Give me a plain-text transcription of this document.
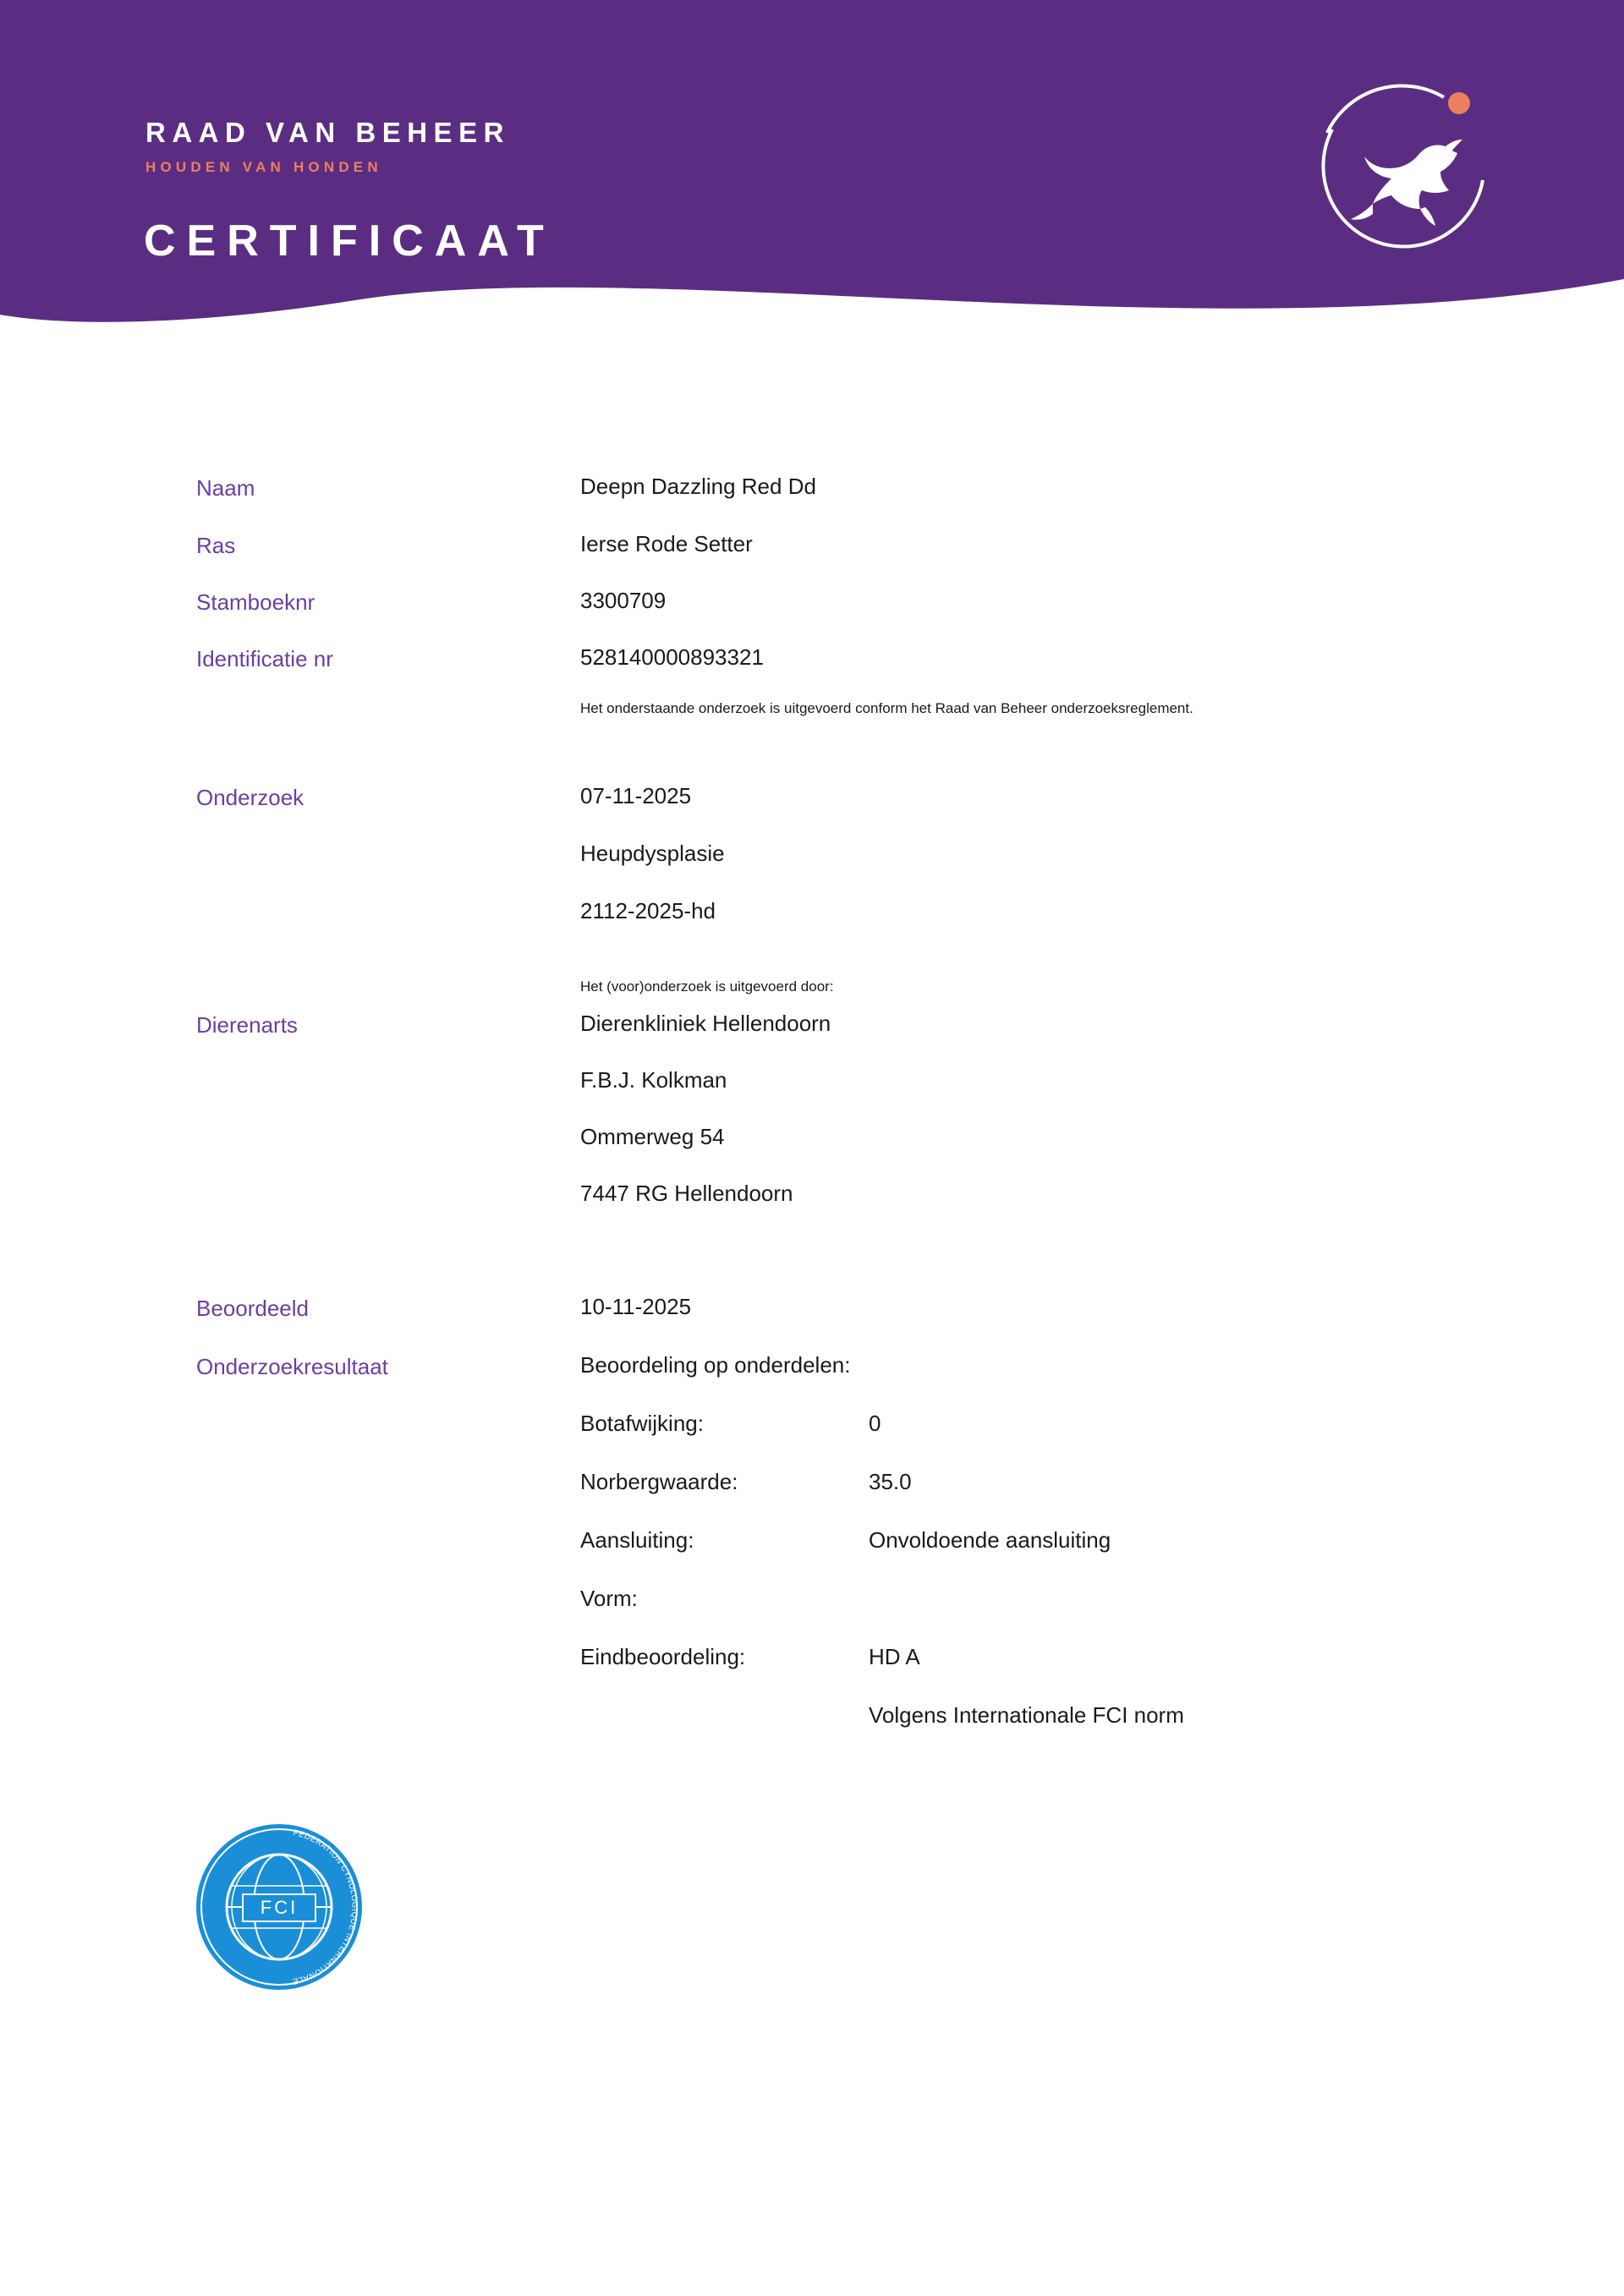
RAAD VAN BEHEER
HOUDEN VAN HONDEN
CERTIFICAAT
Naam	Deepn Dazzling Red Dd
Ras	Ierse Rode Setter
Stamboeknr	3300709
Identificatie nr	528140000893321
Het onderstaande onderzoek is uitgevoerd conform het Raad van Beheer onderzoeksreglement.
Onderzoek	07-11-2025
Heupdysplasie
2112-2025-hd
Het (voor)onderzoek is uitgevoerd door:
Dierenarts	Dierenkliniek Hellendoorn
F.B.J. Kolkman
Ommerweg 54
7447 RG Hellendoorn
Beoordeeld	10-11-2025
Onderzoekresultaat	Beoordeling op onderdelen:
Botafwijking:	0
Norbergwaarde:	35.0
Aansluiting:	Onvoldoende aansluiting
Vorm:
Eindbeoordeling:	HD A
Volgens Internationale FCI norm
FCI
FEDERATION CYNOLOGIQUE INTERNATIONALE
